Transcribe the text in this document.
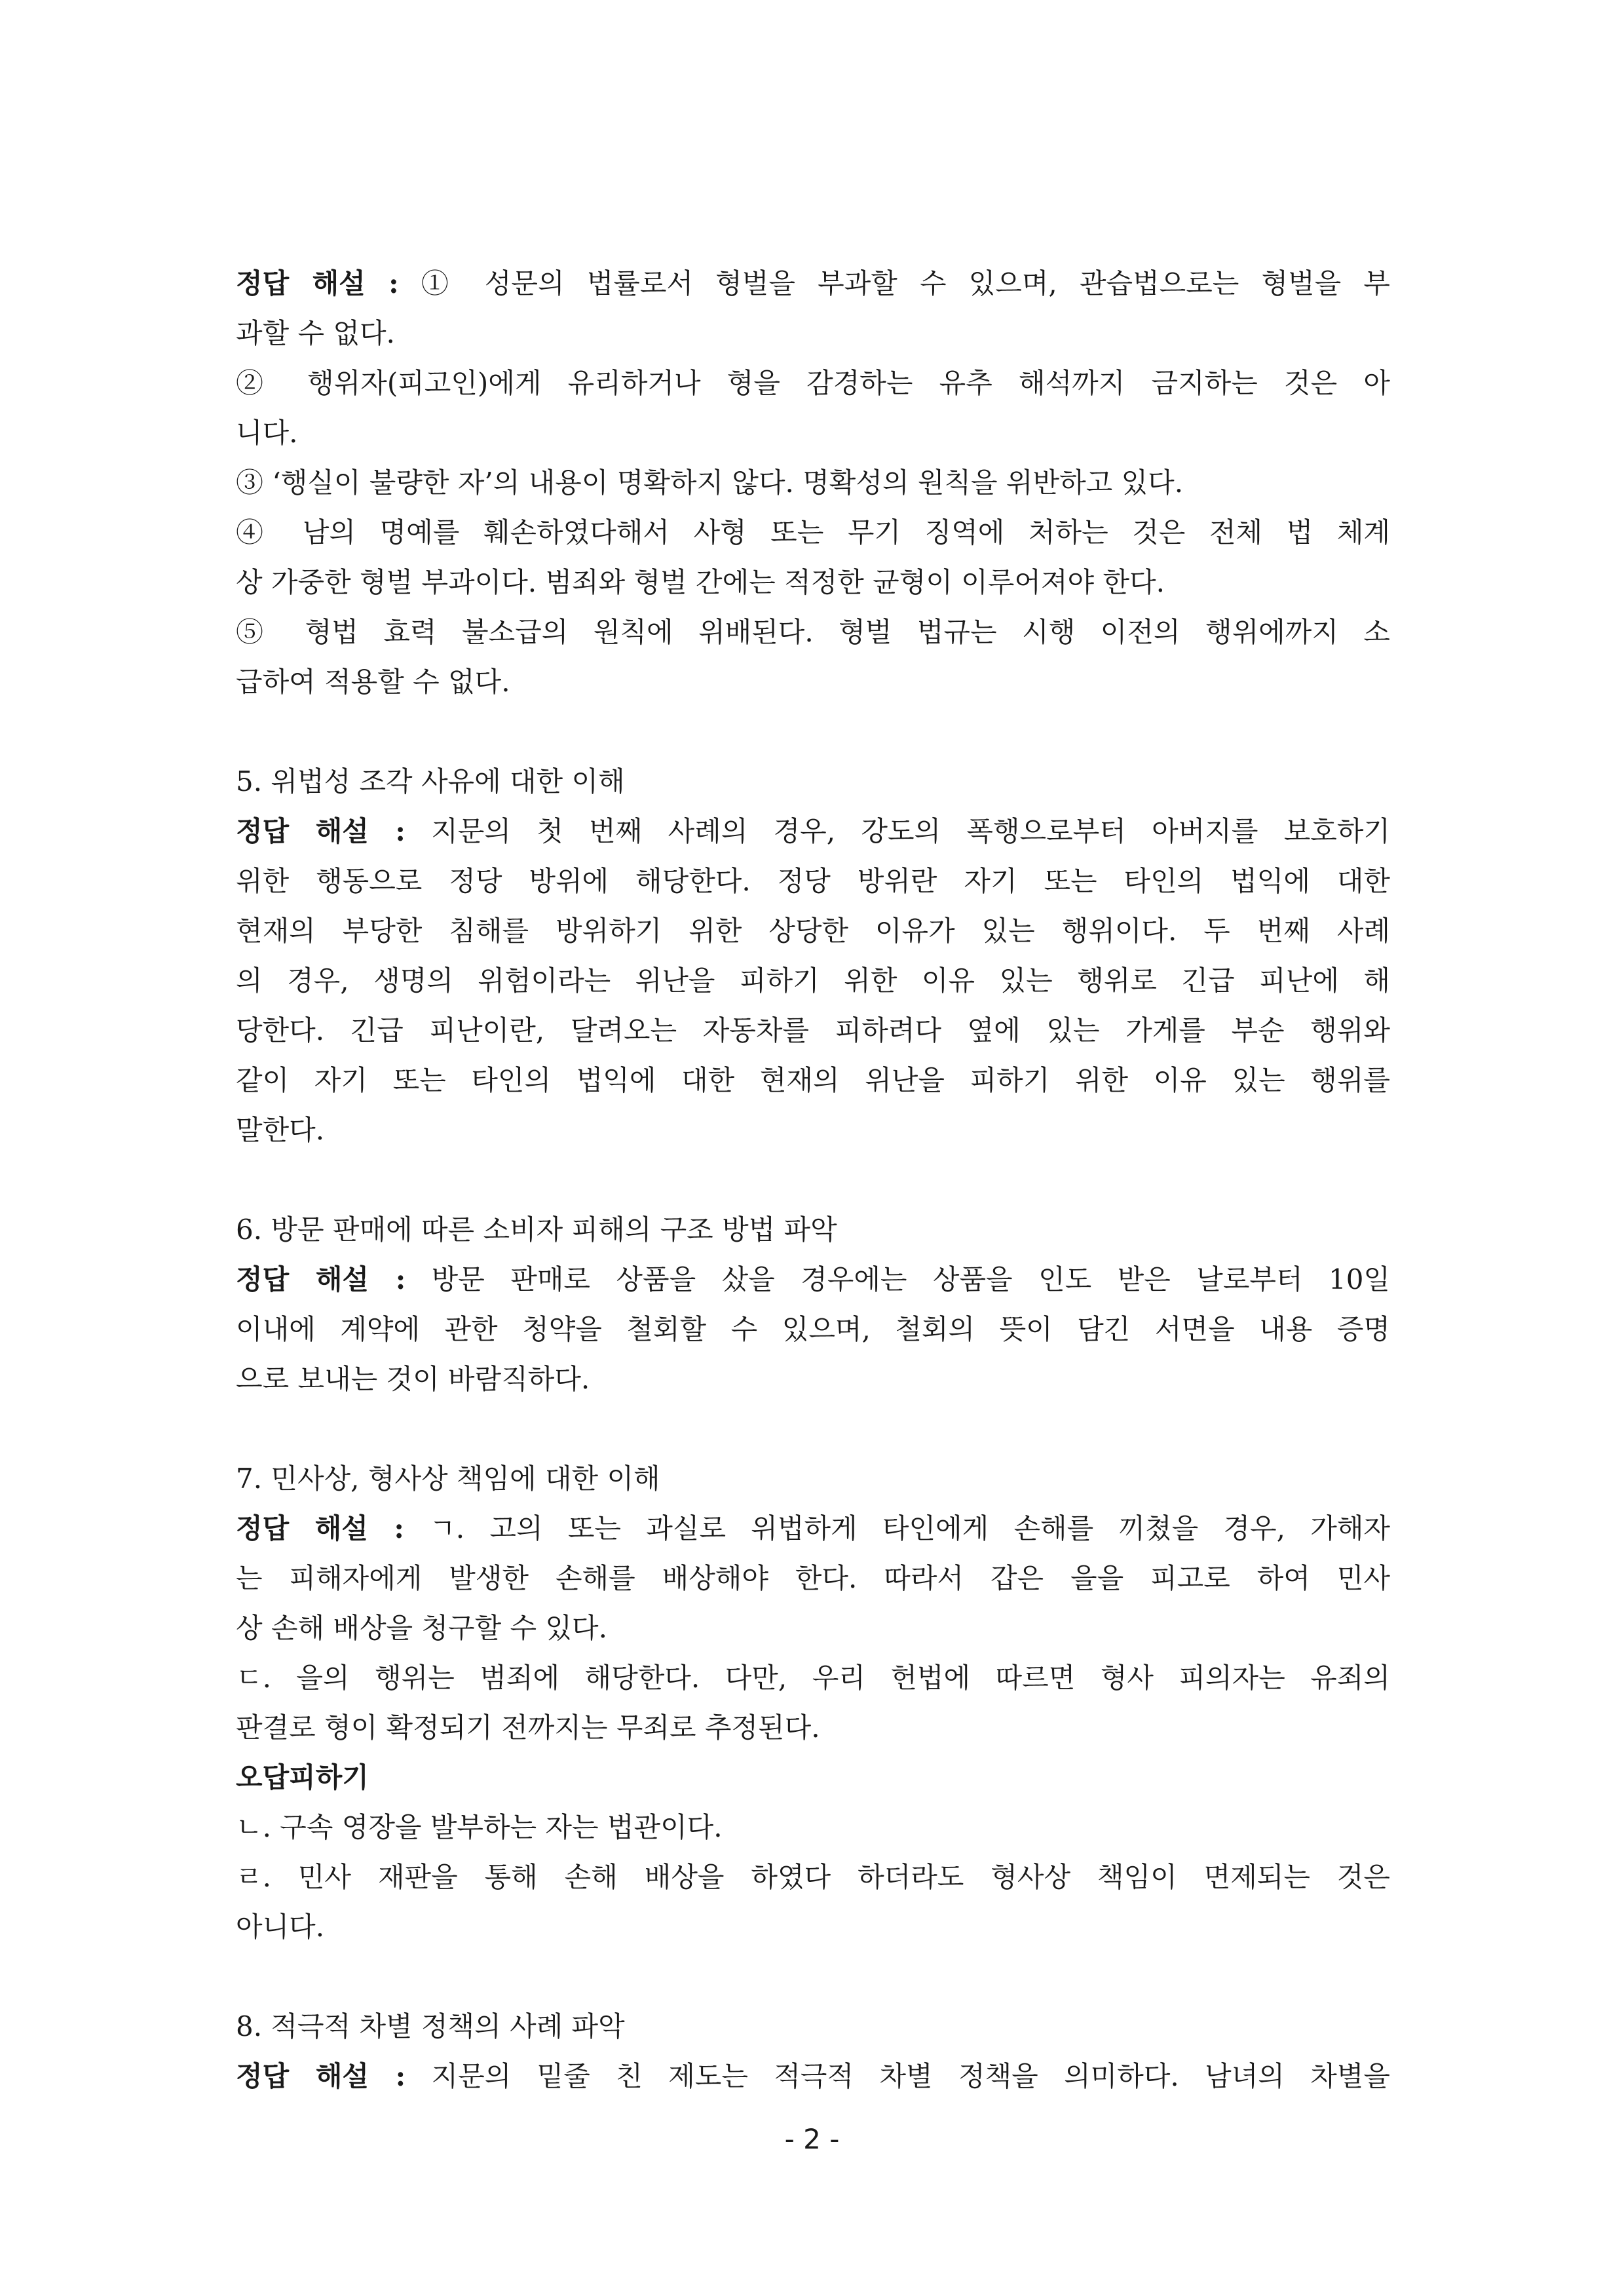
정답 해설 : ① 성문의 법률로서 형벌을 부과할 수 있으며, 관습법으로는 형벌을 부
과할 수 없다.
② 행위자(피고인)에게 유리하거나 형을 감경하는 유추 해석까지 금지하는 것은 아
니다.
③ ‘행실이 불량한 자’의 내용이 명확하지 않다. 명확성의 원칙을 위반하고 있다.
④ 남의 명예를 훼손하였다해서 사형 또는 무기 징역에 처하는 것은 전체 법 체계
상 가중한 형벌 부과이다. 범죄와 형벌 간에는 적정한 균형이 이루어져야 한다.
⑤ 형법 효력 불소급의 원칙에 위배된다. 형벌 법규는 시행 이전의 행위에까지 소
급하여 적용할 수 없다.
5. 위법성 조각 사유에 대한 이해
정답 해설 : 지문의 첫 번째 사례의 경우, 강도의 폭행으로부터 아버지를 보호하기
위한 행동으로 정당 방위에 해당한다. 정당 방위란 자기 또는 타인의 법익에 대한
현재의 부당한 침해를 방위하기 위한 상당한 이유가 있는 행위이다. 두 번째 사례
의 경우, 생명의 위험이라는 위난을 피하기 위한 이유 있는 행위로 긴급 피난에 해
당한다. 긴급 피난이란, 달려오는 자동차를 피하려다 옆에 있는 가게를 부순 행위와
같이 자기 또는 타인의 법익에 대한 현재의 위난을 피하기 위한 이유 있는 행위를
말한다.
6. 방문 판매에 따른 소비자 피해의 구조 방법 파악
정답 해설 : 방문 판매로 상품을 샀을 경우에는 상품을 인도 받은 날로부터 10일
이내에 계약에 관한 청약을 철회할 수 있으며, 철회의 뜻이 담긴 서면을 내용 증명
으로 보내는 것이 바람직하다.
7. 민사상, 형사상 책임에 대한 이해
정답 해설 : ㄱ. 고의 또는 과실로 위법하게 타인에게 손해를 끼쳤을 경우, 가해자
는 피해자에게 발생한 손해를 배상해야 한다. 따라서 갑은 을을 피고로 하여 민사
상 손해 배상을 청구할 수 있다.
ㄷ. 을의 행위는 범죄에 해당한다. 다만, 우리 헌법에 따르면 형사 피의자는 유죄의
판결로 형이 확정되기 전까지는 무죄로 추정된다.
오답피하기
ㄴ. 구속 영장을 발부하는 자는 법관이다.
ㄹ. 민사 재판을 통해 손해 배상을 하였다 하더라도 형사상 책임이 면제되는 것은
아니다.
8. 적극적 차별 정책의 사례 파악
정답 해설 : 지문의 밑줄 친 제도는 적극적 차별 정책을 의미하다. 남녀의 차별을
- 2 -
